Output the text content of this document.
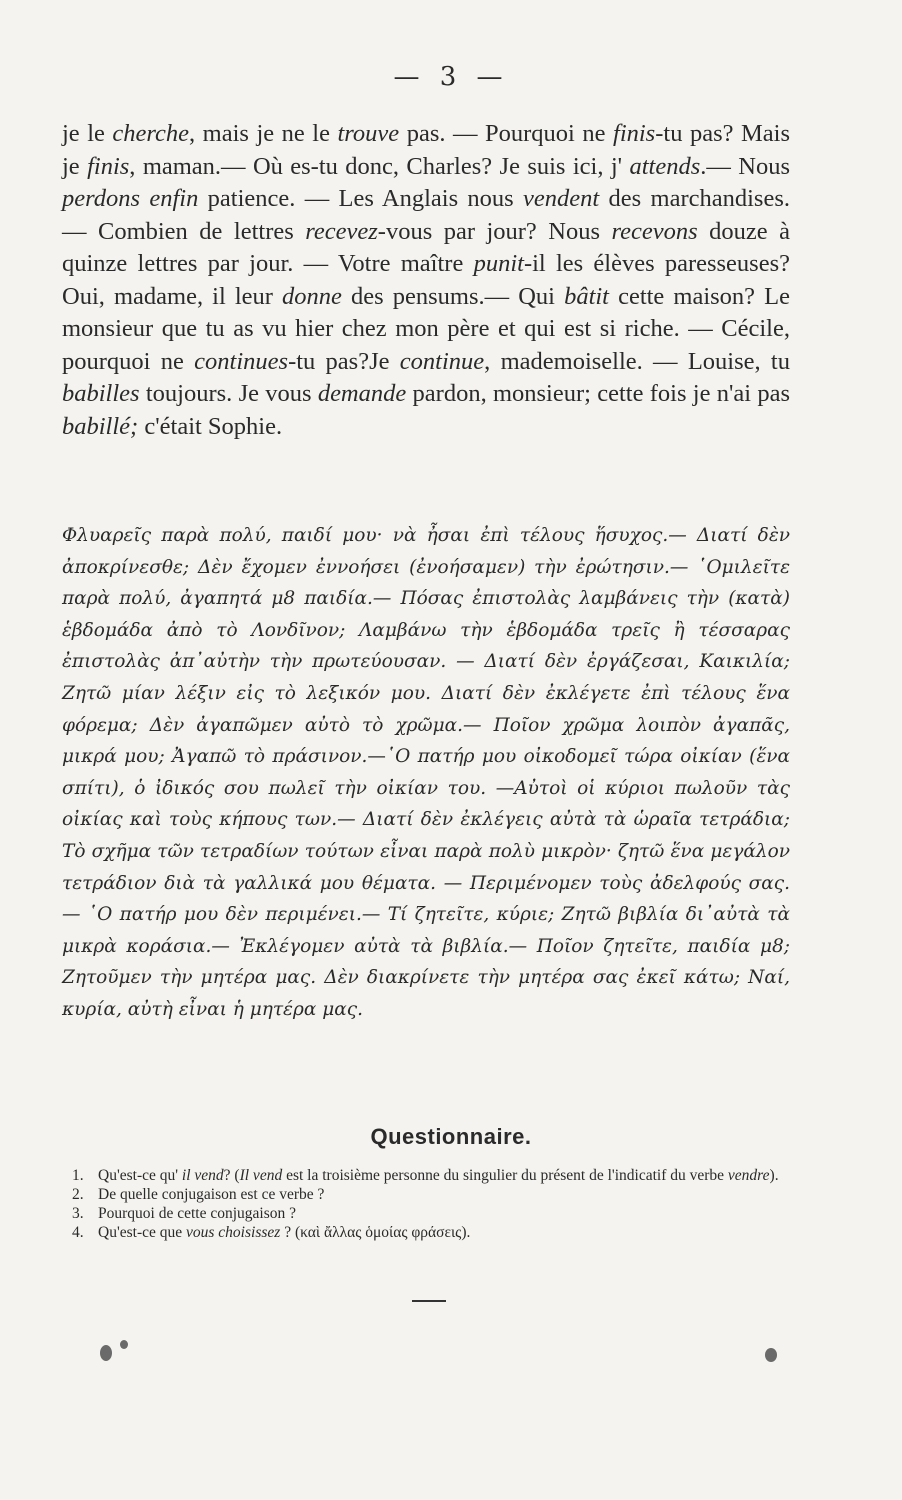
— 3 —
je le cherche, mais je ne le trouve pas. — Pourquoi ne finis-tu pas? Mais je finis, maman.— Où es-tu donc, Charles? Je suis ici, j' attends.— Nous perdons enfin patience. — Les Anglais nous vendent des marchandises. — Combien de lettres recevez-vous par jour? Nous recevons douze à quinze lettres par jour. — Votre maître punit-il les élèves paresseuses? Oui, madame, il leur donne des pensums.— Qui bâtit cette maison? Le monsieur que tu as vu hier chez mon père et qui est si riche. — Cécile, pourquoi ne continues-tu pas?Je continue, mademoiselle. — Louise, tu babilles toujours. Je vous demande pardon, monsieur; cette fois je n'ai pas babillé; c'était Sophie.
Φλυαρεῖς παρὰ πολύ, παιδί μου· νὰ ἦσαι ἐπὶ τέλους ἥσυχος.— Διατί δὲν ἀποκρίνεσθε; Δὲν ἔχομεν ἐννοήσει (ἐνοήσαμεν) τὴν ἐρώτησιν.— ῾Ομιλεῖτε παρὰ πολύ, ἀγαπητά μ8 παιδία.— Πόσας ἐπιστολὰς λαμβάνεις τὴν (κατὰ) ἑβδομάδα ἀπὸ τὸ Λονδῖνον; Λαμβάνω τὴν ἑβδομάδα τρεῖς ἢ τέσσαρας ἐπιστολὰς ἀπ᾽αὐτὴν τὴν πρωτεύουσαν. — Διατί δὲν ἐργάζεσαι, Καικιλία; Ζητῶ μίαν λέξιν εἰς τὸ λεξικόν μου. Διατί δὲν ἐκλέγετε ἐπὶ τέλους ἕνα φόρεμα; Δὲν ἀγαπῶμεν αὐτὸ τὸ χρῶμα.— Ποῖον χρῶμα λοιπὸν ἀγαπᾶς, μικρά μου; Ἀγαπῶ τὸ πράσινον.—῾Ο πατήρ μου οἰκοδομεῖ τώρα οἰκίαν (ἕνα σπίτι), ὁ ἰδικός σου πωλεῖ τὴν οἰκίαν του. —Αὐτοὶ οἱ κύριοι πωλοῦν τὰς οἰκίας καὶ τοὺς κήπους των.— Διατί δὲν ἐκλέγεις αὐτὰ τὰ ὡραῖα τετράδια; Τὸ σχῆμα τῶν τετραδίων τούτων εἶναι παρὰ πολὺ μικρὸν· ζητῶ ἕνα μεγάλον τετράδιον διὰ τὰ γαλλικά μου θέματα. — Περιμένομεν τοὺς ἀδελφούς σας.— ῾Ο πατήρ μου δὲν περιμένει.— Τί ζητεῖτε, κύριε; Ζητῶ βιβλία δι᾽αὐτὰ τὰ μικρὰ κοράσια.— Ἐκλέγομεν αὐτὰ τὰ βιβλία.— Ποῖον ζητεῖτε, παιδία μ8; Ζητοῦμεν τὴν μητέρα μας. Δὲν διακρίνετε τὴν μητέρα σας ἐκεῖ κάτω; Ναί, κυρία, αὐτὴ εἶναι ἡ μητέρα μας.
Questionnaire.
1. Qu'est-ce qu' il vend? (Il vend est la troisième personne du singulier du présent de l'indicatif du verbe vendre).
2. De quelle conjugaison est ce verbe ?
3. Pourquoi de cette conjugaison ?
4. Qu'est-ce que vous choisissez ? (καὶ ἄλλας ὁμοίας φράσεις).
